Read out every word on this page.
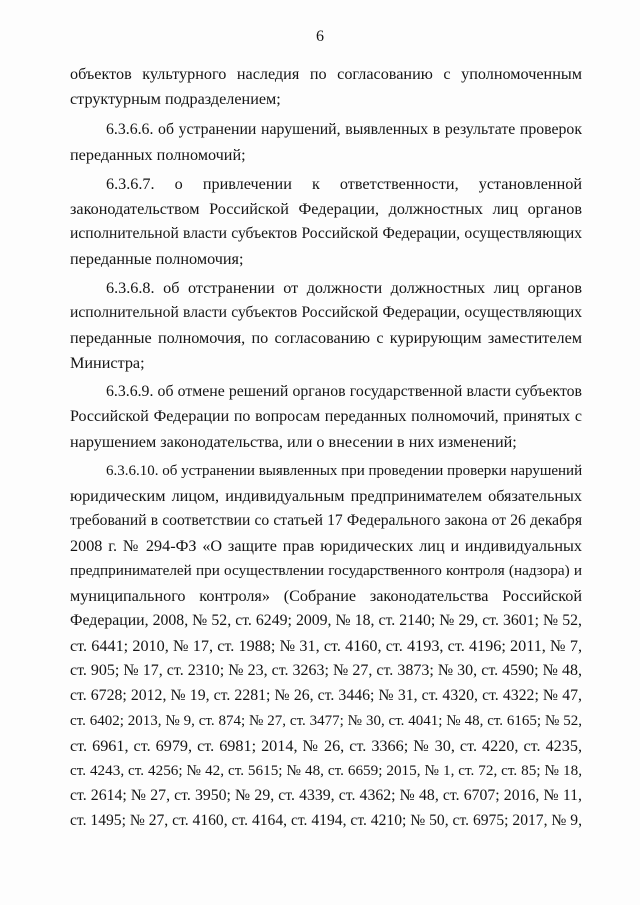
6
объектов культурного наследия по согласованию с уполномоченным
структурным подразделением;
6.3.6.6. об устранении нарушений, выявленных в результате проверок
переданных полномочий;
6.3.6.7. о привлечении к ответственности, установленной
законодательством Российской Федерации, должностных лиц органов
исполнительной власти субъектов Российской Федерации, осуществляющих
переданные полномочия;
6.3.6.8. об отстранении от должности должностных лиц органов
исполнительной власти субъектов Российской Федерации, осуществляющих
переданные полномочия, по согласованию с курирующим заместителем
Министра;
6.3.6.9. об отмене решений органов государственной власти субъектов
Российской Федерации по вопросам переданных полномочий, принятых с
нарушением законодательства, или о внесении в них изменений;
6.3.6.10. об устранении выявленных при проведении проверки нарушений
юридическим лицом, индивидуальным предпринимателем обязательных
требований в соответствии со статьей 17 Федерального закона от 26 декабря
2008 г. № 294-ФЗ «О защите прав юридических лиц и индивидуальных
предпринимателей при осуществлении государственного контроля (надзора) и
муниципального контроля» (Собрание законодательства Российской
Федерации, 2008, № 52, ст. 6249; 2009, № 18, ст. 2140; № 29, ст. 3601; № 52,
ст. 6441; 2010, № 17, ст. 1988; № 31, ст. 4160, ст. 4193, ст. 4196; 2011, № 7,
ст. 905; № 17, ст. 2310; № 23, ст. 3263; № 27, ст. 3873; № 30, ст. 4590; № 48,
ст. 6728; 2012, № 19, ст. 2281; № 26, ст. 3446; № 31, ст. 4320, ст. 4322; № 47,
ст. 6402; 2013, № 9, ст. 874; № 27, ст. 3477; № 30, ст. 4041; № 48, ст. 6165; № 52,
ст. 6961, ст. 6979, ст. 6981; 2014, № 26, ст. 3366; № 30, ст. 4220, ст. 4235,
ст. 4243, ст. 4256; № 42, ст. 5615; № 48, ст. 6659; 2015, № 1, ст. 72, ст. 85; № 18,
ст. 2614; № 27, ст. 3950; № 29, ст. 4339, ст. 4362; № 48, ст. 6707; 2016, № 11,
ст. 1495; № 27, ст. 4160, ст. 4164, ст. 4194, ст. 4210; № 50, ст. 6975; 2017, № 9,
